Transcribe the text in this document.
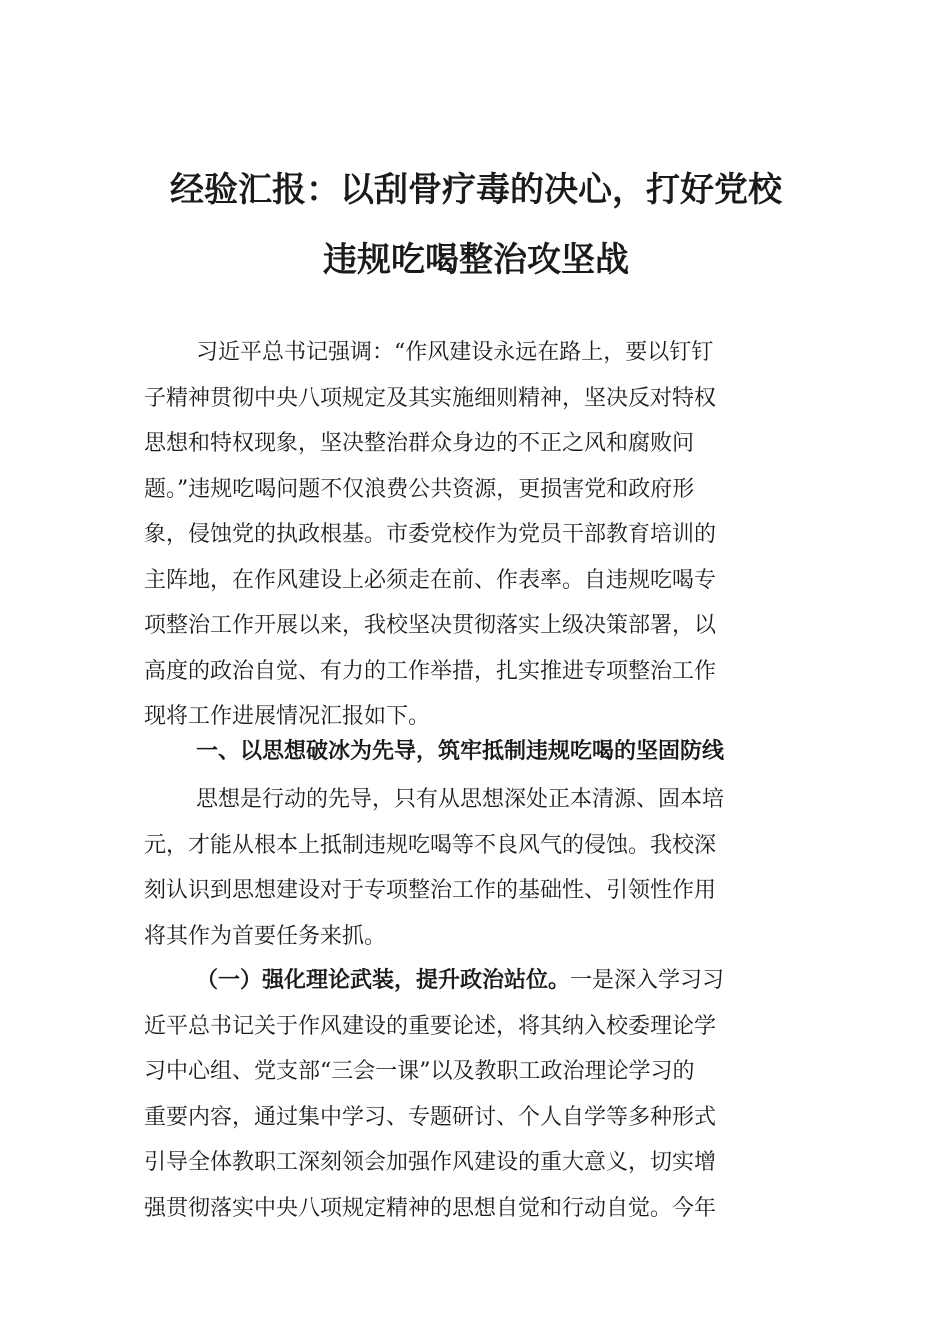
经验汇报：以刮骨疗毒的决心，打好党校
违规吃喝整治攻坚战
习近平总书记强调：“作风建设永远在路上，要以钉钉
子精神贯彻中央八项规定及其实施细则精神，坚决反对特权
思想和特权现象，坚决整治群众身边的不正之风和腐败问
题。”违规吃喝问题不仅浪费公共资源，更损害党和政府形
象，侵蚀党的执政根基。市委党校作为党员干部教育培训的
主阵地，在作风建设上必须走在前、作表率。自违规吃喝专
项整治工作开展以来，我校坚决贯彻落实上级决策部署，以
高度的政治自觉、有力的工作举措，扎实推进专项整治工作
现将工作进展情况汇报如下。
一、以思想破冰为先导，筑牢抵制违规吃喝的坚固防线
思想是行动的先导，只有从思想深处正本清源、固本培
元，才能从根本上抵制违规吃喝等不良风气的侵蚀。我校深
刻认识到思想建设对于专项整治工作的基础性、引领性作用
将其作为首要任务来抓。
（一）强化理论武装，提升政治站位。一是深入学习习
近平总书记关于作风建设的重要论述，将其纳入校委理论学
习中心组、党支部“三会一课”以及教职工政治理论学习的
重要内容，通过集中学习、专题研讨、个人自学等多种形式
引导全体教职工深刻领会加强作风建设的重大意义，切实增
强贯彻落实中央八项规定精神的思想自觉和行动自觉。今年
